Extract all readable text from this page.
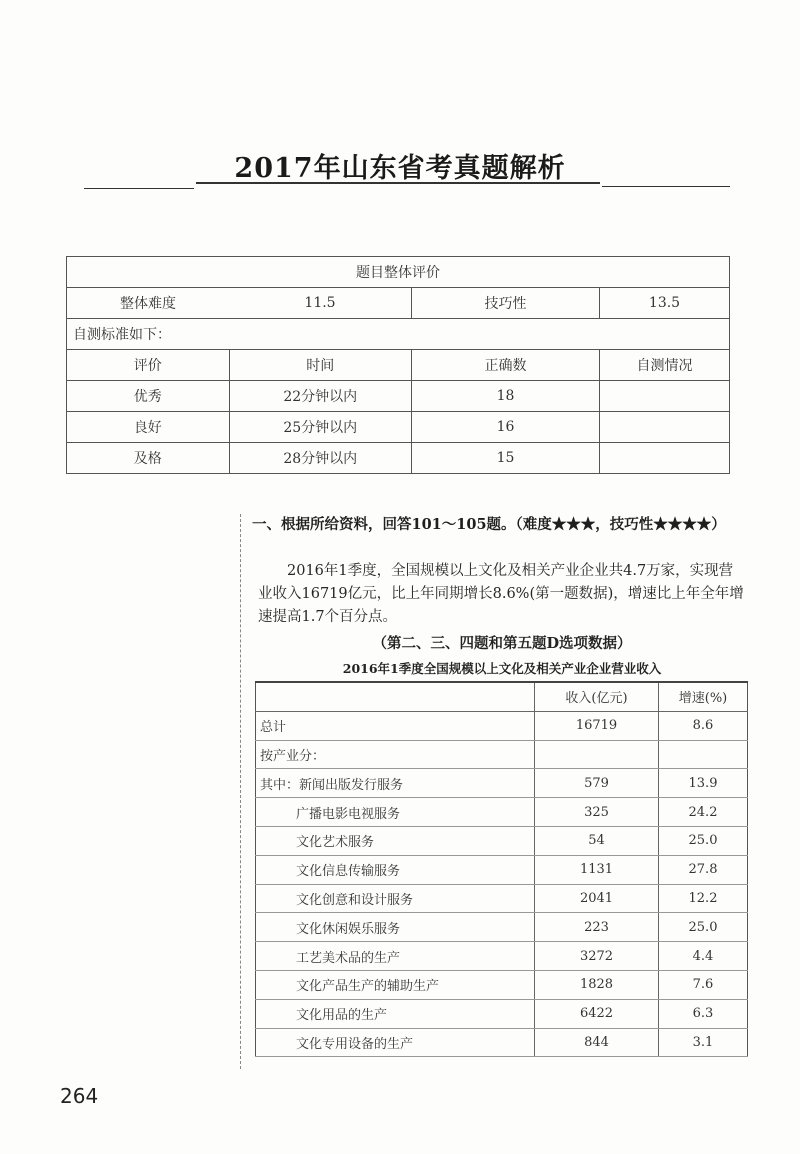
2017年山东省考真题解析
题目整体评价			
整体难度	11.5	技巧性	13.5
自测标准如下：			
评价	时间	正确数	自测情况
优秀	22分钟以内	18	
良好	25分钟以内	16	
及格	28分钟以内	15	
一、根据所给资料，回答101～105题。（难度★★★，技巧性★★★★）
2016年1季度，全国规模以上文化及相关产业企业共4.7万家，实现营业收入16719亿元，比上年同期增长8.6%(第一题数据)，增速比上年全年增速提高1.7个百分点。
（第二、三、四题和第五题D选项数据）
2016年1季度全国规模以上文化及相关产业企业营业收入
	收入(亿元)	增速(%)
总计	16719	8.6
按产业分：		
其中：新闻出版发行服务	579	13.9
广播电影电视服务	325	24.2
文化艺术服务	54	25.0
文化信息传输服务	1131	27.8
文化创意和设计服务	2041	12.2
文化休闲娱乐服务	223	25.0
工艺美术品的生产	3272	4.4
文化产品生产的辅助生产	1828	7.6
文化用品的生产	6422	6.3
文化专用设备的生产	844	3.1
264
